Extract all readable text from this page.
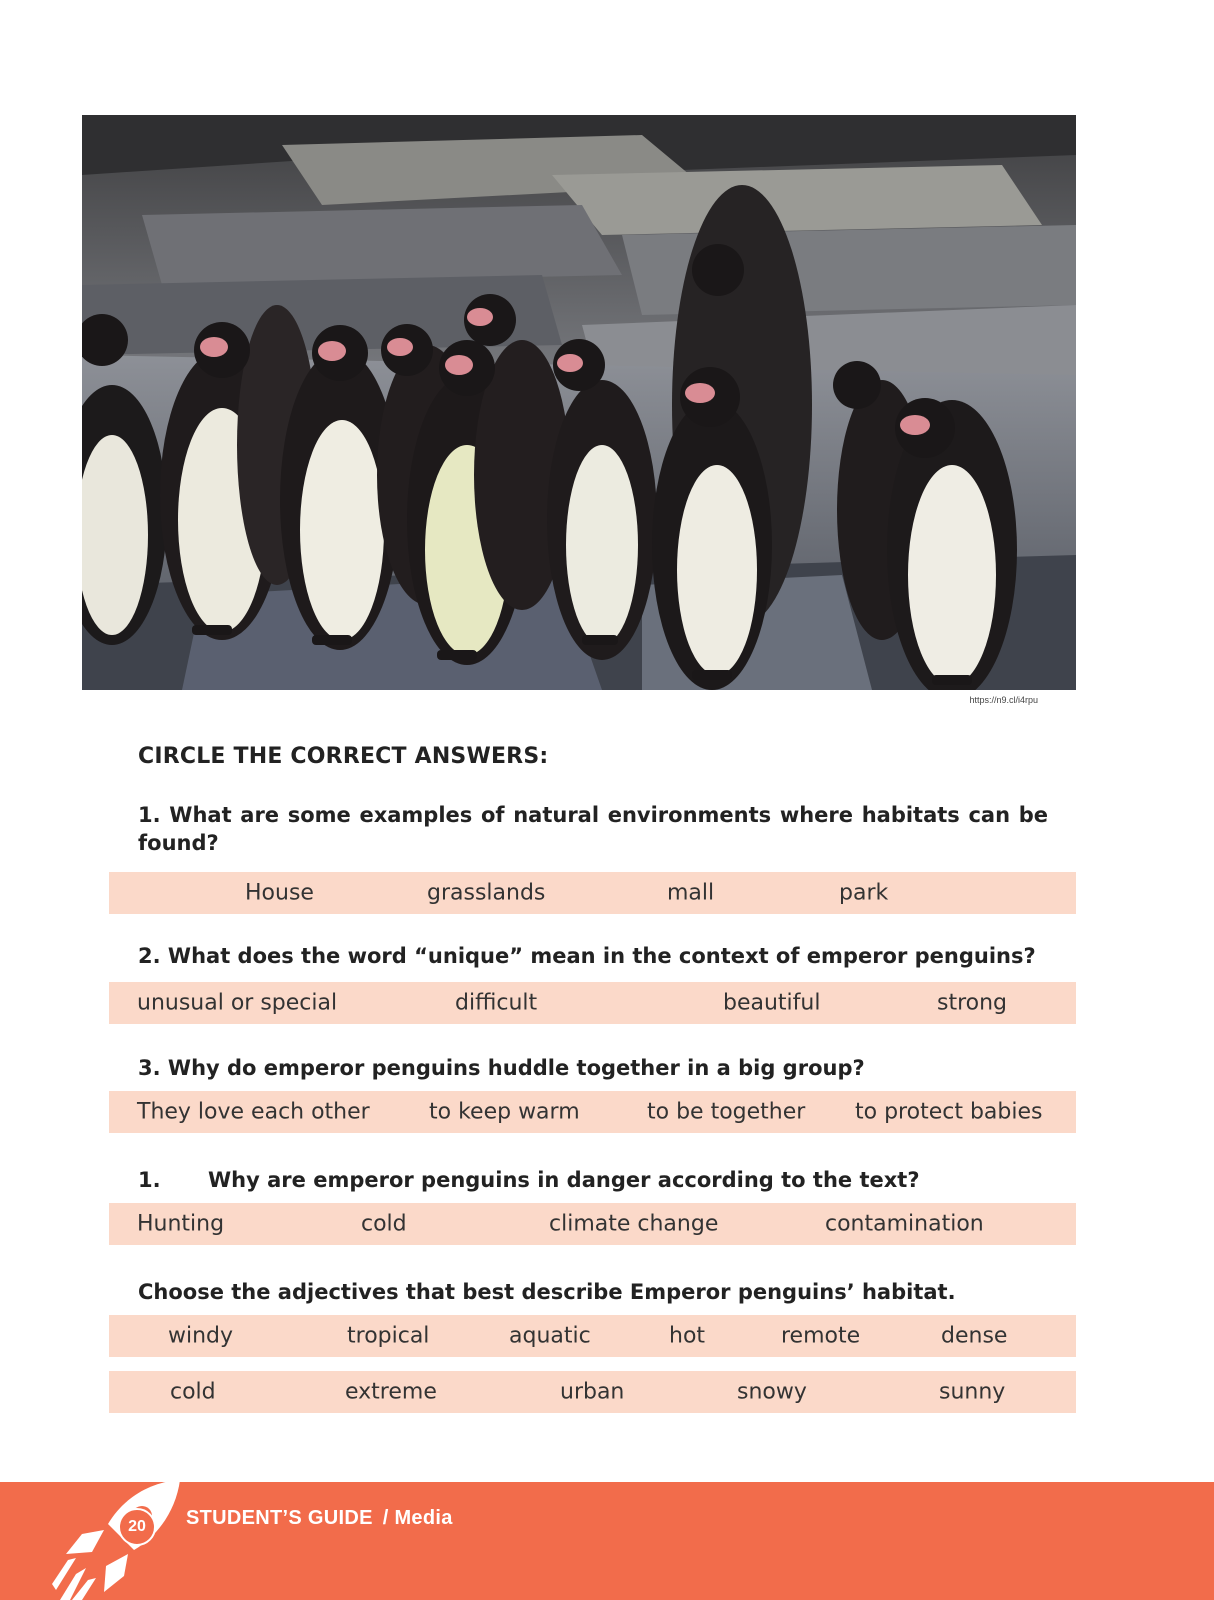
https://n9.cl/i4rpu
CIRCLE THE CORRECT ANSWERS:
1. What are some examples of natural environments where habitats can be found?
House	grasslands	mall	park
2. What does the word “unique” mean in the context of emperor penguins?
unusual or special	difficult	beautiful	strong
3. Why do emperor penguins huddle together in a big group?
They love each other	to keep warm	to be together to protect babies
1. Why are emperor penguins in danger according to the text?
Hunting	cold	climate change	contamination
Choose the adjectives that best describe Emperor penguins’ habitat.
windy	tropical	aquatic	hot	remote	dense
cold	extreme	urban	snowy	sunny
20	STUDENT’S GUIDE / Media
